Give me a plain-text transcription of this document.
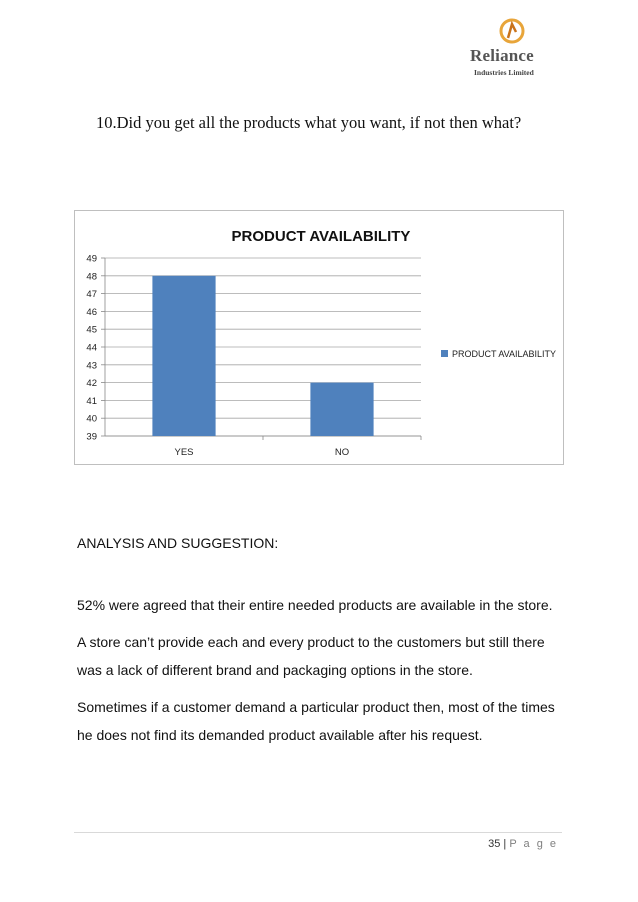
Reliance
Industries Limited
10.Did you get all the products what you want, if not then what?
PRODUCT AVAILABILITY
39
40
41
42
43
44
45
46
47
48
49
YES	NO
PRODUCT AVAILABILITY
ANALYSIS AND SUGGESTION:
52% were agreed that their entire needed products are available in the store.
A store can’t provide each and every product to the customers but still there
was a lack of different brand and packaging options in the store.
Sometimes if a customer demand a particular product then, most of the times
he does not find its demanded product available after his request.
35 | P a g e
